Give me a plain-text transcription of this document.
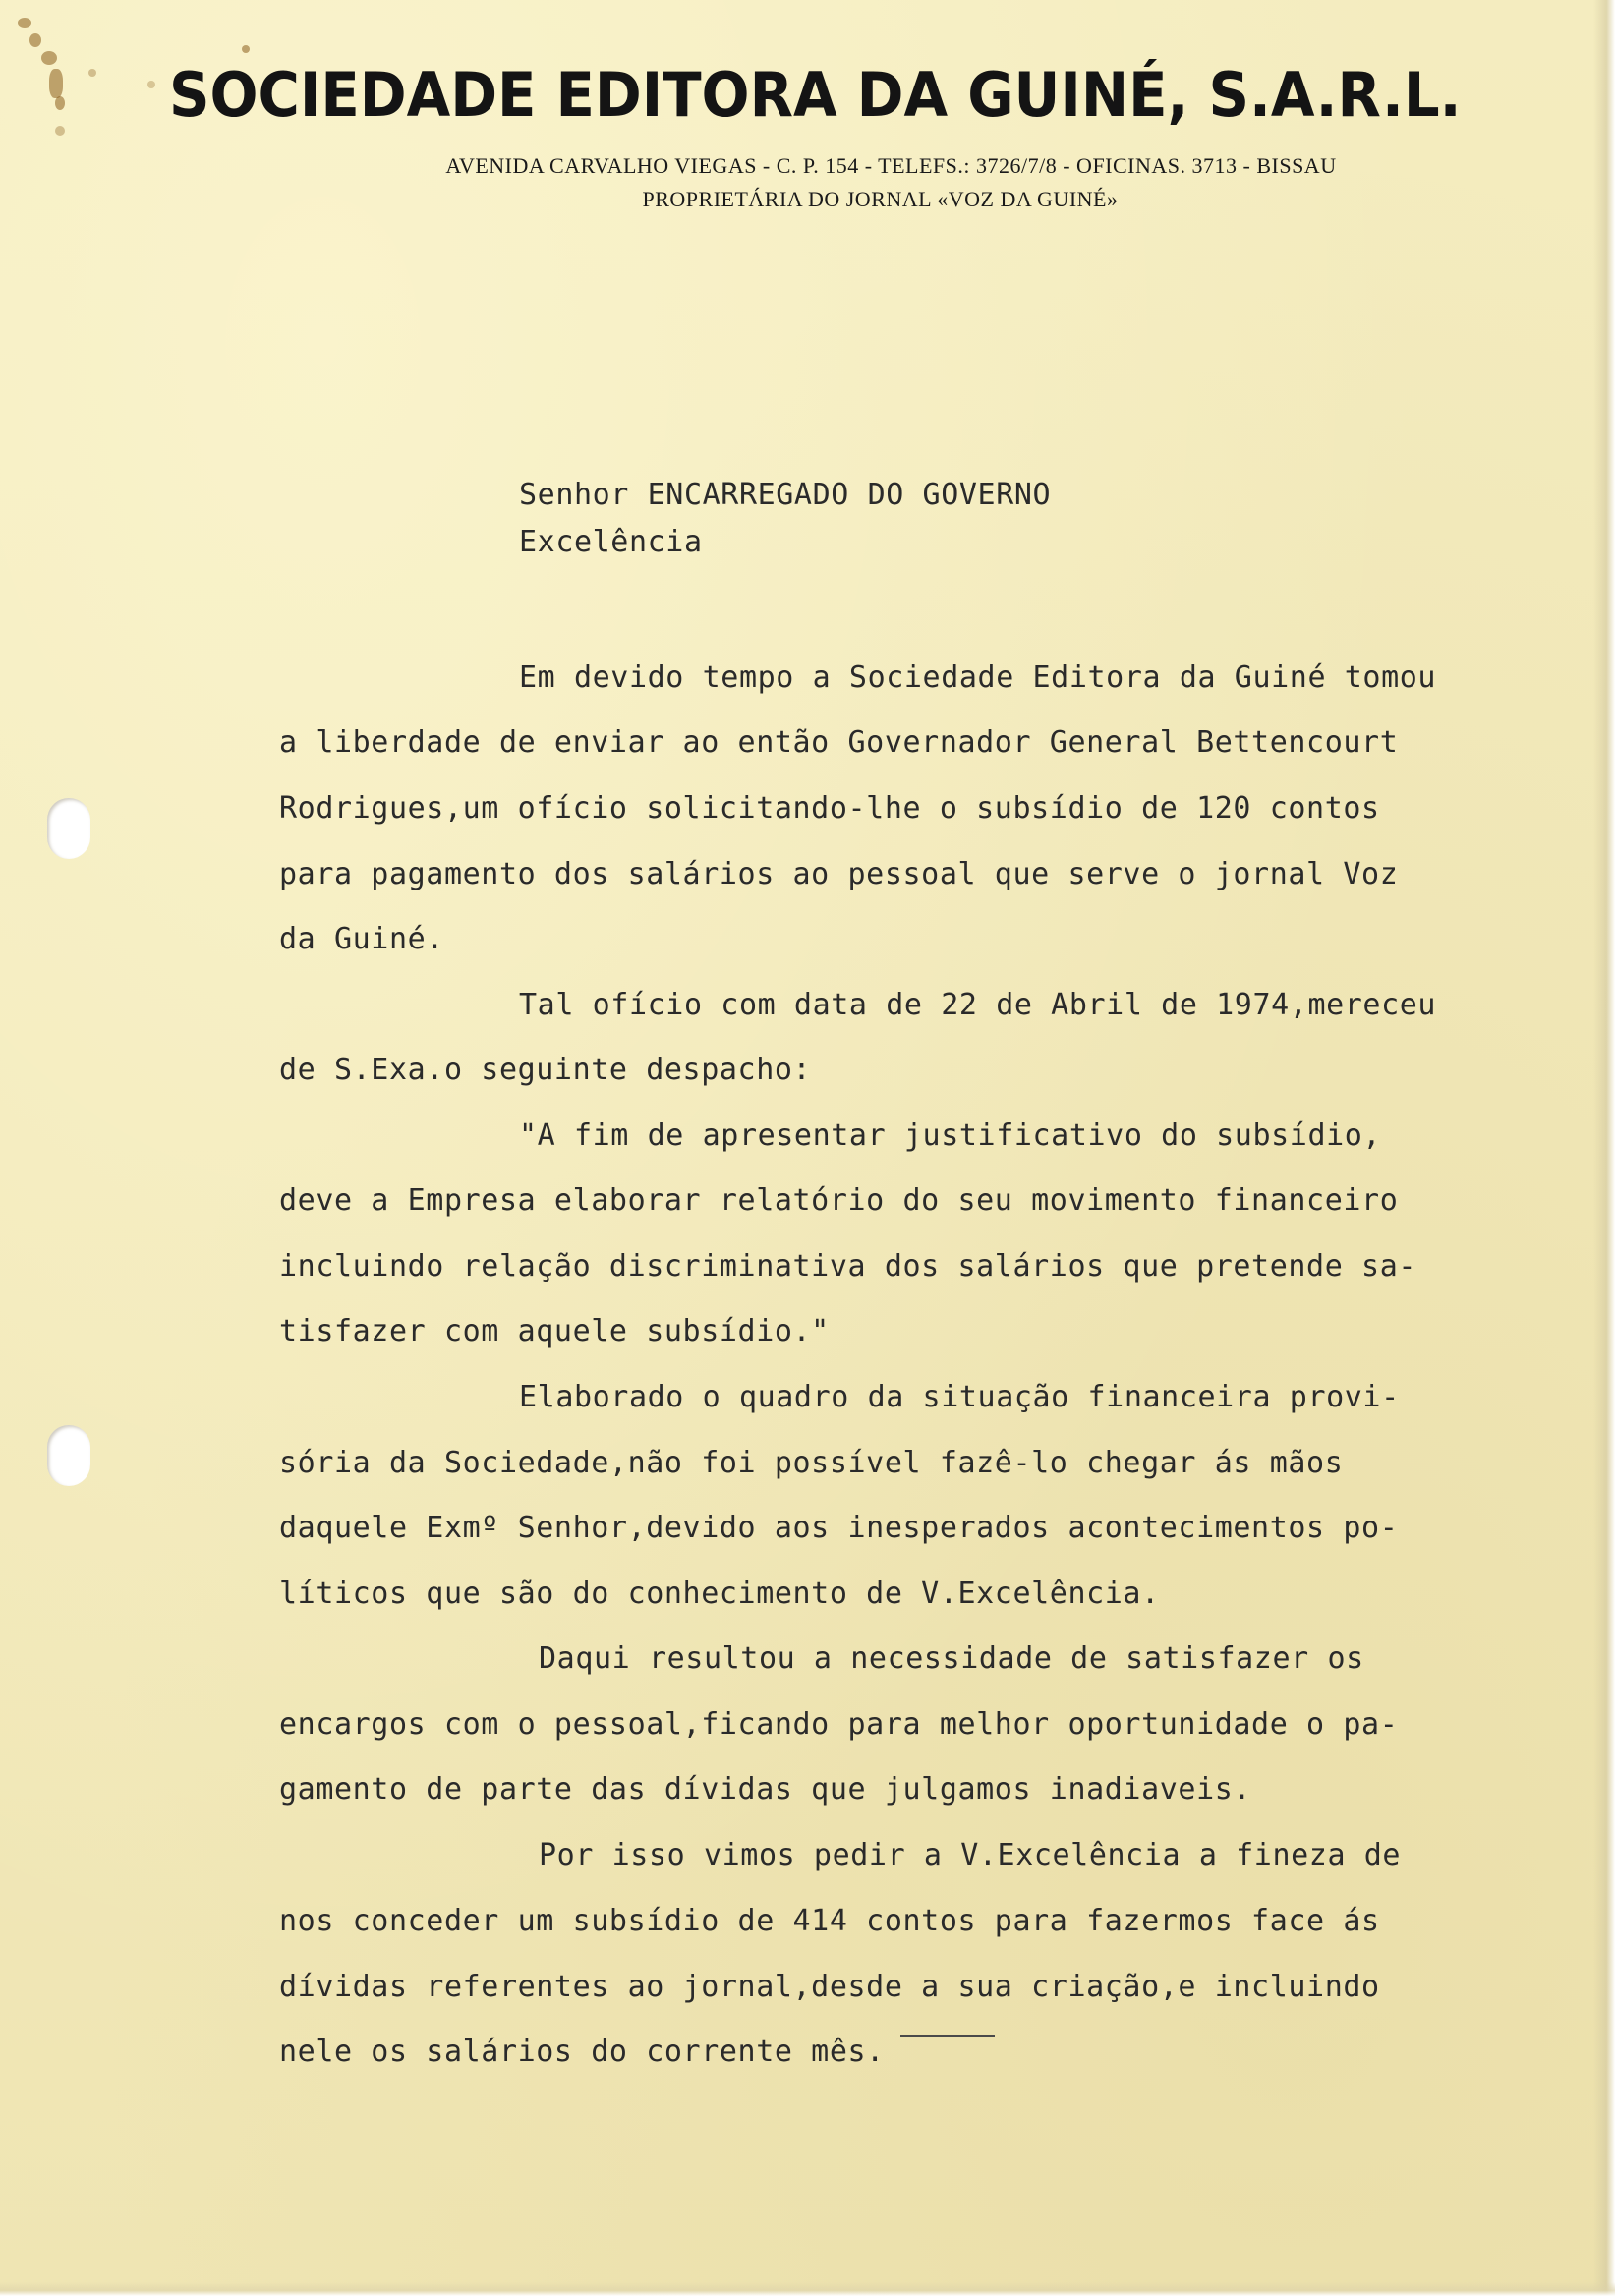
SOCIEDADE EDITORA DA GUINÉ, S.A.R.L.
AVENIDA CARVALHO VIEGAS - C. P. 154 - TELEFS.: 3726/7/8 - OFICINAS. 3713 - BISSAU
PROPRIETÁRIA DO JORNAL «VOZ DA GUINÉ»
Senhor ENCARREGADO DO GOVERNO
Excelência
Em devido tempo a Sociedade Editora da Guiné tomou
a liberdade de enviar ao então Governador General Bettencourt
Rodrigues,um ofício solicitando-lhe o subsídio de 120 contos
para pagamento dos salários ao pessoal que serve o jornal Voz
da Guiné.
Tal ofício com data de 22 de Abril de 1974,mereceu
de S.Exa.o seguinte despacho:
"A fim de apresentar justificativo do subsídio,
deve a Empresa elaborar relatório do seu movimento financeiro
incluindo relação discriminativa dos salários que pretende sa-
tisfazer com aquele subsídio."
Elaborado o quadro da situação financeira provi-
sória da Sociedade,não foi possível fazê-lo chegar ás mãos
daquele Exmº Senhor,devido aos inesperados acontecimentos po-
líticos que são do conhecimento de V.Excelência.
Daqui resultou a necessidade de satisfazer os
encargos com o pessoal,ficando para melhor oportunidade o pa-
gamento de parte das dívidas que julgamos inadiaveis.
Por isso vimos pedir a V.Excelência a fineza de
nos conceder um subsídio de 414 contos para fazermos face ás
dívidas referentes ao jornal,desde a sua criação,e incluindo
nele os salários do corrente mês.
